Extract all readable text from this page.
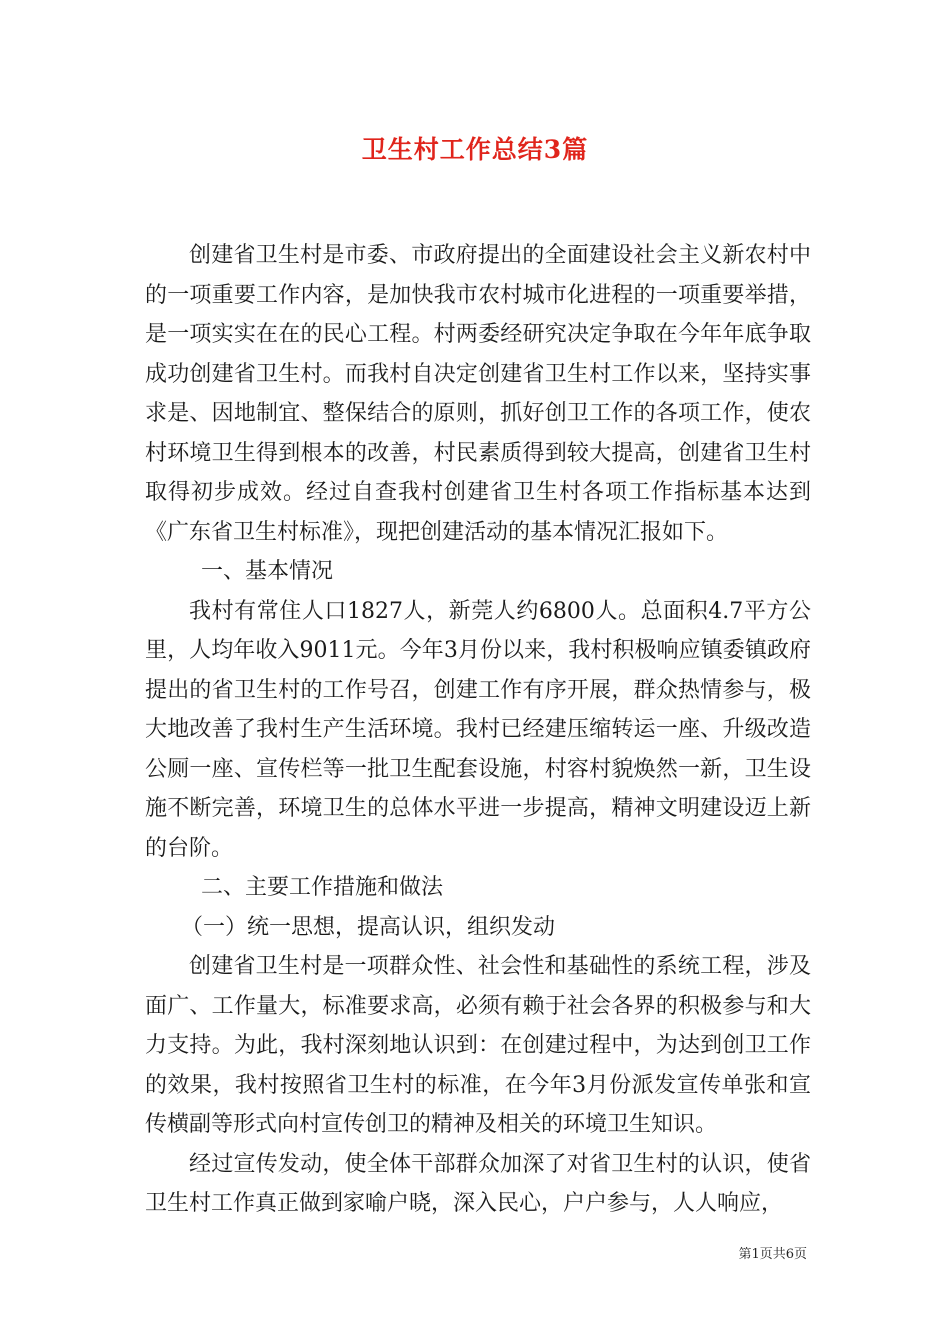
卫生村工作总结3篇

创建省卫生村是市委、市政府提出的全面建设社会主义新农村中的一项重要工作内容，是加快我市农村城市化进程的一项重要举措，是一项实实在在的民心工程。村两委经研究决定争取在今年年底争取成功创建省卫生村。而我村自决定创建省卫生村工作以来，坚持实事求是、因地制宜、整保结合的原则，抓好创卫工作的各项工作，使农村环境卫生得到根本的改善，村民素质得到较大提高，创建省卫生村取得初步成效。经过自查我村创建省卫生村各项工作指标基本达到《广东省卫生村标准》，现把创建活动的基本情况汇报如下。

一、基本情况

我村有常住人口1827人，新莞人约6800人。总面积4.7平方公里，人均年收入9011元。今年3月份以来，我村积极响应镇委镇政府提出的省卫生村的工作号召，创建工作有序开展，群众热情参与，极大地改善了我村生产生活环境。我村已经建压缩转运一座、升级改造公厕一座、宣传栏等一批卫生配套设施，村容村貌焕然一新，卫生设施不断完善，环境卫生的总体水平进一步提高，精神文明建设迈上新的台阶。

二、主要工作措施和做法

（一）统一思想，提高认识，组织发动

创建省卫生村是一项群众性、社会性和基础性的系统工程，涉及面广、工作量大，标准要求高，必须有赖于社会各界的积极参与和大力支持。为此，我村深刻地认识到：在创建过程中，为达到创卫工作的效果，我村按照省卫生村的标准，在今年3月份派发宣传单张和宣传横副等形式向村宣传创卫的精神及相关的环境卫生知识。

经过宣传发动，使全体干部群众加深了对省卫生村的认识，使省卫生村工作真正做到家喻户晓，深入民心，户户参与，人人响应，

第1页共6页
